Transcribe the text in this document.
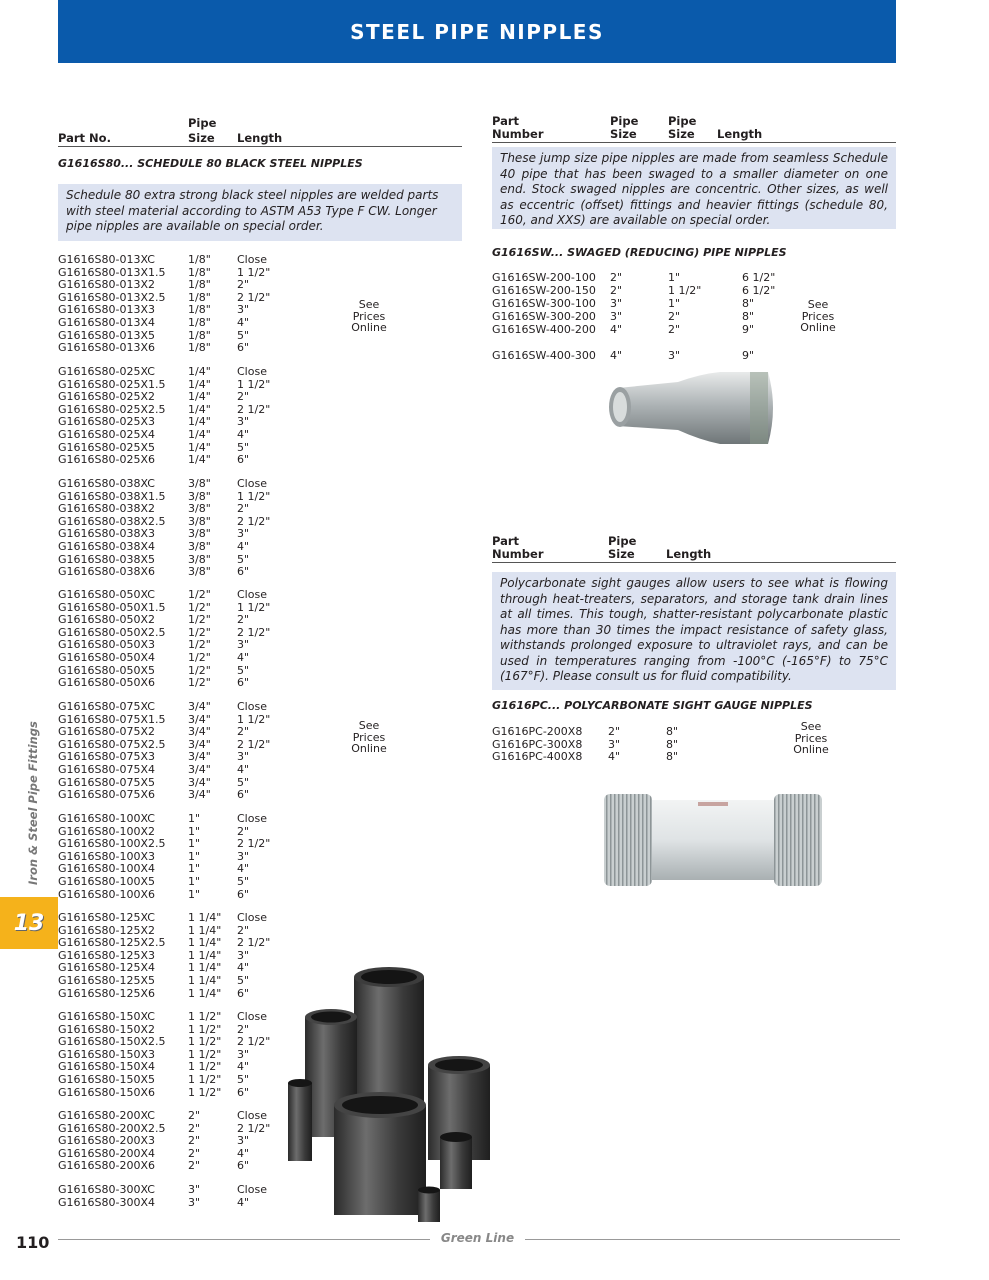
STEEL PIPE NIPPLES
Pipe
Part No.	Size Length
G1616S80... SCHEDULE 80 BLACK STEEL NIPPLES
Schedule 80 extra strong black steel nipples are welded parts with steel material according to ASTM A53 Type F CW. Longer pipe nipples are available on special order.
G1616S80-013XC	1/8" Close
G1616S80-013X1.5 1/8" 1 1/2"
G1616S80-013X2	1/8" 2"
G1616S80-013X2.5 1/8" 2 1/2"
G1616S80-013X3	1/8" 3"
G1616S80-013X4	1/8" 4"
G1616S80-013X5	1/8" 5"
G1616S80-013X6	1/8" 6"
G1616S80-025XC	1/4" Close
G1616S80-025X1.5 1/4" 1 1/2"
G1616S80-025X2	1/4" 2"
G1616S80-025X2.5 1/4" 2 1/2"
G1616S80-025X3	1/4" 3"
G1616S80-025X4	1/4" 4"
G1616S80-025X5	1/4" 5"
G1616S80-025X6	1/4" 6"
G1616S80-038XC	3/8" Close
G1616S80-038X1.5 3/8" 1 1/2"
G1616S80-038X2	3/8" 2"
G1616S80-038X2.5 3/8" 2 1/2"
G1616S80-038X3	3/8" 3"
G1616S80-038X4	3/8" 4"
G1616S80-038X5	3/8" 5"
G1616S80-038X6	3/8" 6"
G1616S80-050XC	1/2" Close
G1616S80-050X1.5 1/2" 1 1/2"
G1616S80-050X2	1/2" 2"
G1616S80-050X2.5 1/2" 2 1/2"
G1616S80-050X3	1/2" 3"
G1616S80-050X4	1/2" 4"
G1616S80-050X5	1/2" 5"
G1616S80-050X6	1/2" 6"
G1616S80-075XC	3/4" Close
G1616S80-075X1.5 3/4" 1 1/2"
G1616S80-075X2	3/4" 2"
G1616S80-075X2.5 3/4" 2 1/2"
G1616S80-075X3	3/4" 3"
G1616S80-075X4	3/4" 4"
G1616S80-075X5	3/4" 5"
G1616S80-075X6	3/4" 6"
G1616S80-100XC	1"	Close
G1616S80-100X2	1"	2"
G1616S80-100X2.5 1"	2 1/2"
G1616S80-100X3	1"	3"
G1616S80-100X4	1"	4"
G1616S80-100X5	1"	5"
G1616S80-100X6	1"	6"
G1616S80-125XC	1 1/4" Close
G1616S80-125X2	1 1/4" 2"
G1616S80-125X2.5 1 1/4" 2 1/2"
G1616S80-125X3	1 1/4" 3"
G1616S80-125X4	1 1/4" 4"
G1616S80-125X5	1 1/4" 5"
G1616S80-125X6	1 1/4" 6"
G1616S80-150XC	1 1/2" Close
G1616S80-150X2	1 1/2" 2"
G1616S80-150X2.5 1 1/2" 2 1/2"
G1616S80-150X3	1 1/2" 3"
G1616S80-150X4	1 1/2" 4"
G1616S80-150X5	1 1/2" 5"
G1616S80-150X6	1 1/2" 6"
G1616S80-200XC	2"	Close
G1616S80-200X2.5 2"	2 1/2"
G1616S80-200X3	2"	3"
G1616S80-200X4	2"	4"
G1616S80-200X6	2"	6"
G1616S80-300XC	3"	Close
G1616S80-300X4	3"	4"
See
Prices
Online
See
Prices
Online
Part
Number
Pipe
Size
Pipe
Size Length
These jump size pipe nipples are made from seamless Schedule 40 pipe that has been swaged to a smaller diameter on one end. Stock swaged nipples are concentric. Other sizes, as well as eccentric (offset) fittings and heavier fittings (schedule 80, 160, and XXS) are available on special order.
G1616SW... SWAGED (REDUCING) PIPE NIPPLES
G1616SW-200-100 2"	1"	6 1/2"
G1616SW-200-150 2"	1 1/2"	6 1/2"
G1616SW-300-100 3"	1"	8"
G1616SW-300-200 3"	2"	8"
G1616SW-400-200 4"	2"	9"
G1616SW-400-300 4"	3"	9"
See
Prices
Online
Part
Number
Pipe
Size	Length
Polycarbonate sight gauges allow users to see what is flowing through heat-treaters, separators, and storage tank drain lines at all times. This tough, shatter-resistant polycarbonate plastic has more than 30 times the impact resistance of safety glass, withstands prolonged exposure to ultraviolet rays, and can be used in temperatures ranging from -100°C (-165°F) to 75°C (167°F). Please consult us for fluid compatibility.
G1616PC... POLYCARBONATE SIGHT GAUGE NIPPLES
G1616PC-200X8 2"	8"
G1616PC-300X8 3"	8"
G1616PC-400X8 4"	8"
See
Prices
Online
Iron & Steel Pipe Fittings
13
110	Green Line
